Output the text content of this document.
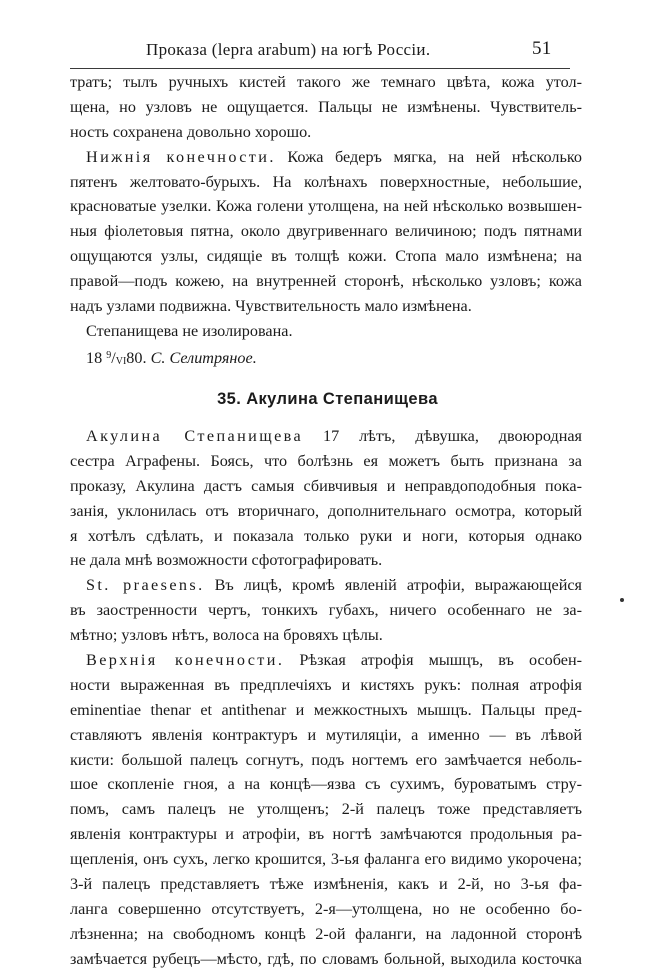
Проказа (lepra arabum) на югѣ Россіи.	51
тратъ; тылъ ручныхъ кистей такого же темнаго цвѣта, кожа утол-
щена, но узловъ не ощущается. Пальцы не измѣнены. Чувствитель-
ность сохранена довольно хорошо.
Нижнія конечности. Кожа бедеръ мягка, на ней нѣсколько
пятенъ желтовато-бурыхъ. На колѣнахъ поверхностные, небольшие,
красноватые узелки. Кожа голени утолщена, на ней нѣсколько возвышен-
ныя фіолетовыя пятна, около двугривеннаго величиною; подъ пятнами
ощущаются узлы, сидящіе въ толщѣ кожи. Стопа мало измѣнена; на
правой—подъ кожею, на внутренней сторонѣ, нѣсколько узловъ; кожа
надъ узлами подвижна. Чувствительность мало измѣнена.
Степанищева не изолирована.
18 $^9/_{VI}80$. С. Селитряное.
35. Акулина Степанищева
Акулина Степанищева 17 лѣтъ, дѣвушка, двоюродная
сестра Аграфены. Боясь, что болѣзнь ея можетъ быть признана за
проказу, Акулина дастъ самыя сбивчивыя и неправдоподобныя пока-
занія, уклонилась отъ вторичнаго, дополнительнаго осмотра, который
я хотѣлъ сдѣлать, и показала только руки и ноги, которыя однако
не дала мнѣ возможности сфотографировать.
St. praesens. Въ лицѣ, кромѣ явленій атрофіи, выражающейся
въ заостренности чертъ, тонкихъ губахъ, ничего особеннаго не за-
мѣтно; узловъ нѣтъ, волоса на бровяхъ цѣлы.
Верхнія конечности. Рѣзкая атрофія мышцъ, въ особен-
ности выраженная въ предплечіяхъ и кистяхъ рукъ: полная атрофія
eminentiae thenar et antithenar и межкостныхъ мышцъ. Пальцы пред-
ставляютъ явленія контрактуръ и мутиляціи, а именно — въ лѣвой
кисти: большой палецъ согнутъ, подъ ногтемъ его замѣчается неболь-
шое скопленіе гноя, а на концѣ—язва съ сухимъ, буроватымъ стру-
помъ, самъ палецъ не утолщенъ; 2-й палецъ тоже представляетъ
явленія контрактуры и атрофіи, въ ногтѣ замѣчаются продольныя ра-
щепленія, онъ сухъ, легко крошится, 3-ья фаланга его видимо укорочена;
3-й палецъ представляетъ тѣже измѣненія, какъ и 2-й, но 3-ья фа-
ланга совершенно отсутствуетъ, 2-я—утолщена, но не особенно бо-
лѣзненна; на свободномъ концѣ 2-ой фаланги, на ладонной сторонѣ
замѣчается рубецъ—мѣсто, гдѣ, по словамъ больной, выходила косточка
